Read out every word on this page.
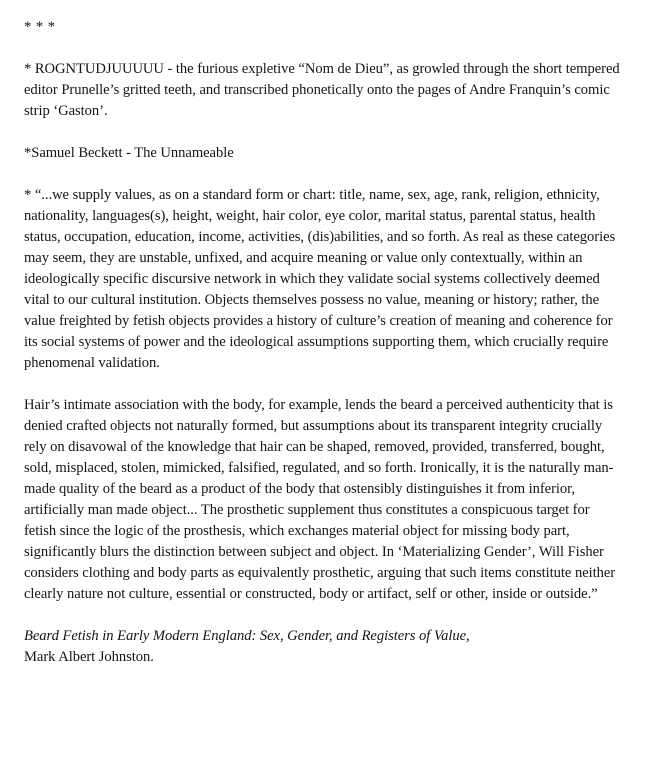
* * *

* ROGNTUDJUUUUU - the furious expletive “Nom de Dieu”, as growled through the short tempered editor Prunelle’s gritted teeth, and transcribed phonetically onto the pages of Andre Franquin’s comic strip ‘Gaston’.

*Samuel Beckett - The Unnameable

* “...we supply values, as on a standard form or chart: title, name, sex, age, rank, religion, ethnicity, nationality, languages(s), height, weight, hair color, eye color, marital status, parental status, health status, occupation, education, income, activities, (dis)abilities, and so forth. As real as these categories may seem, they are unstable, unfixed, and acquire meaning or value only contextually, within an ideologically specific discursive network in which they validate social systems collectively deemed vital to our cultural institution. Objects themselves possess no value, meaning or history; rather, the value freighted by fetish objects provides a history of culture’s creation of meaning and coherence for its social systems of power and the ideological assumptions supporting them, which crucially require phenomenal validation.

Hair’s intimate association with the body, for example, lends the beard a perceived authenticity that is denied crafted objects not naturally formed, but assumptions about its transparent integrity crucially rely on disavowal of the knowledge that hair can be shaped, removed, provided, transferred, bought, sold, misplaced, stolen, mimicked, falsified, regulated, and so forth. Ironically, it is the naturally man-made quality of the beard as a product of the body that ostensibly distinguishes it from inferior, artificially man made object... The prosthetic supplement thus constitutes a conspicuous target for fetish since the logic of the prosthesis, which exchanges material object for missing body part, significantly blurs the distinction between subject and object. In ‘Materializing Gender’, Will Fisher considers clothing and body parts as equivalently prosthetic, arguing that such items constitute neither clearly nature not culture, essential or constructed, body or artifact, self or other, inside or outside.”

Beard Fetish in Early Modern England: Sex, Gender, and Registers of Value,
Mark Albert Johnston.
